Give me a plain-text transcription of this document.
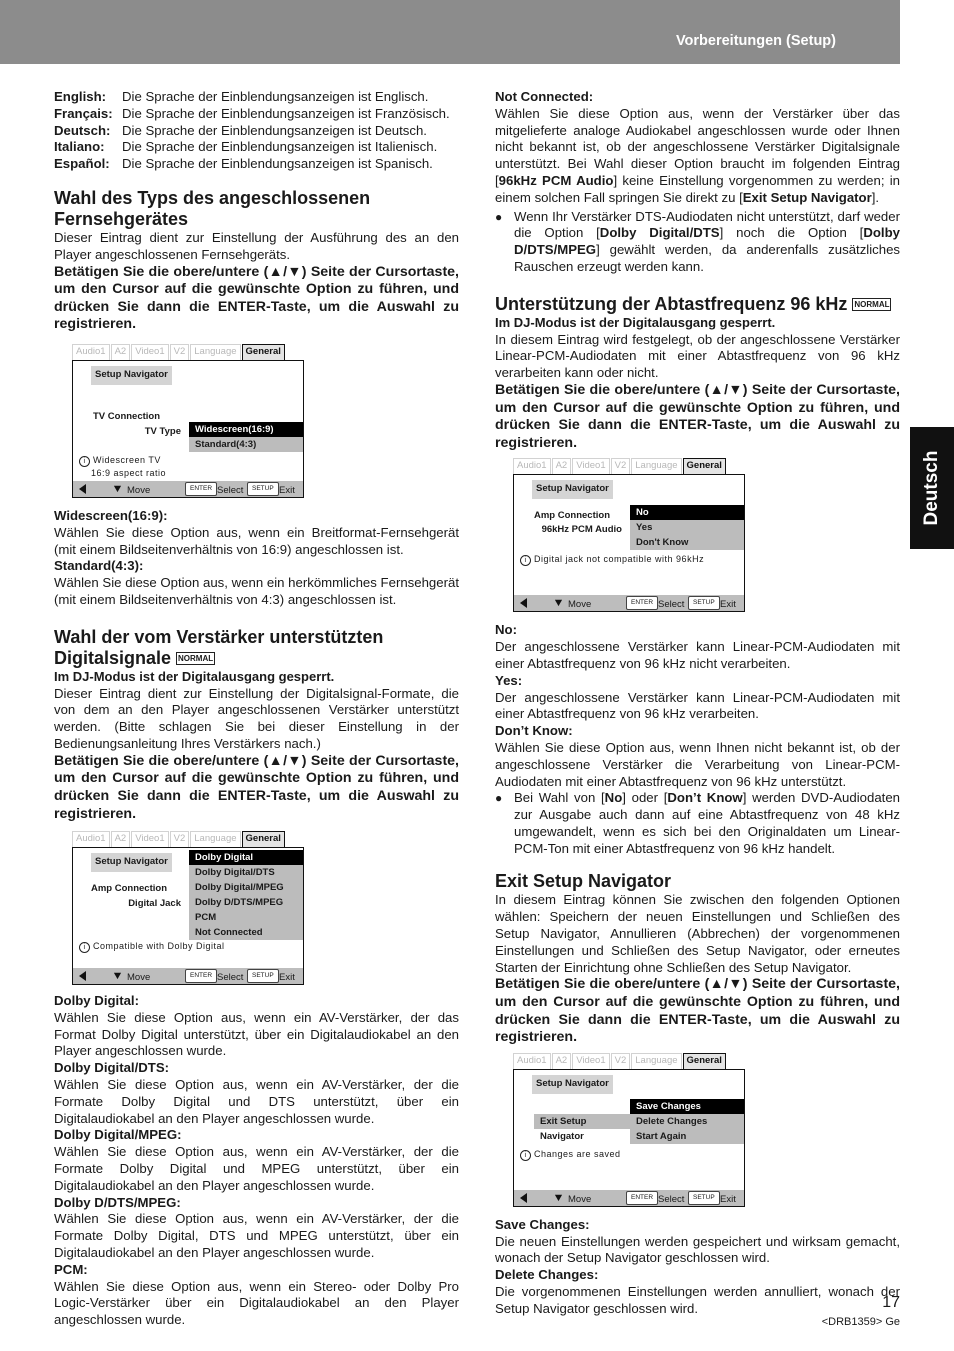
Vorbereitungen (Setup)
Deutsch
English:	Die Sprache der Einblendungsanzeigen ist Englisch.
Français: Die Sprache der Einblendungsanzeigen ist Französisch.
Deutsch: Die Sprache der Einblendungsanzeigen ist Deutsch.
Italiano:	Die Sprache der Einblendungsanzeigen ist Italienisch.
Español: Die Sprache der Einblendungsanzeigen ist Spanisch.
Wahl des Typs des angeschlossenen Fernsehgerätes

Dieser Eintrag dient zur Einstellung der Ausführung des an den Player angeschlossenen Fernsehgeräts.

Betätigen Sie die obere/untere (▲/▼) Seite der Cursortaste, um den Cursor auf die gewünschte Option zu führen, und drücken Sie dann die ENTER-Taste, um die Auswahl zu registrieren.

Audio1 A2 Video1 V2 Language General
Setup Navigator
TV Connection
TV Type	Widescreen(16:9)
Standard(4:3)
i Widescreen TV
16:9 aspect ratio
Move	ENTER Select	SETUP Exit

Widescreen(16:9):

Wählen Sie diese Option aus, wenn ein Breitformat-Fernsehgerät (mit einem Bildseitenverhältnis von 16:9) angeschlossen ist.

Standard(4:3):

Wählen Sie diese Option aus, wenn ein herkömmliches Fernsehgerät (mit einem Bildseitenverhältnis von 4:3) angeschlossen ist.

Wahl der vom Verstärker unterstützten Digitalsignale NORMAL

Im DJ-Modus ist der Digitalausgang gesperrt.

Dieser Eintrag dient zur Einstellung der Digitalsignal-Formate, die von dem an den Player angeschlossenen Verstärker unterstützt werden. (Bitte schlagen Sie bei dieser Einstellung in der Bedienungsanleitung Ihres Verstärkers nach.)

Betätigen Sie die obere/untere (▲/▼) Seite der Cursortaste, um den Cursor auf die gewünschte Option zu führen, und drücken Sie dann die ENTER-Taste, um die Auswahl zu registrieren.

Audio1 A2 Video1 V2 Language General
Setup Navigator
Amp Connection
Digital Jack
Dolby Digital
Dolby Digital/DTS
Dolby Digital/MPEG
Dolby D/DTS/MPEG
PCM
Not Connected
i Compatible with Dolby Digital
Move	ENTER Select	SETUP Exit

Dolby Digital:

Wählen Sie diese Option aus, wenn ein AV-Verstärker, der das Format Dolby Digital unterstützt, über ein Digitalaudiokabel an den Player angeschlossen wurde.

Dolby Digital/DTS:

Wählen Sie diese Option aus, wenn ein AV-Verstärker, der die Formate Dolby Digital und DTS unterstützt, über ein Digitalaudiokabel an den Player angeschlossen wurde.

Dolby Digital/MPEG:

Wählen Sie diese Option aus, wenn ein AV-Verstärker, der die Formate Dolby Digital und MPEG unterstützt, über ein Digitalaudiokabel an den Player angeschlossen wurde.

Dolby D/DTS/MPEG:

Wählen Sie diese Option aus, wenn ein AV-Verstärker, der die Formate Dolby Digital, DTS und MPEG unterstützt, über ein Digitalaudiokabel an den Player angeschlossen wurde.

PCM:

Wählen Sie diese Option aus, wenn ein Stereo- oder Dolby Pro Logic-Verstärker über ein Digitalaudiokabel an den Player angeschlossen wurde.

Not Connected:

Wählen Sie diese Option aus, wenn der Verstärker über das mitgelieferte analoge Audiokabel angeschlossen wurde oder Ihnen nicht bekannt ist, ob der angeschlossene Verstärker Digitalsignale unterstützt. Bei Wahl dieser Option braucht im folgenden Eintrag [96kHz PCM Audio] keine Einstellung vorgenommen zu werden; in einem solchen Fall springen Sie direkt zu [Exit Setup Navigator].

● Wenn Ihr Verstärker DTS-Audiodaten nicht unterstützt, darf weder die Option [Dolby Digital/DTS] noch die Option [Dolby D/DTS/MPEG] gewählt werden, da anderenfalls zusätzliches Rauschen erzeugt werden kann.

Unterstützung der Abtastfrequenz 96 kHz NORMAL

Im DJ-Modus ist der Digitalausgang gesperrt.

In diesem Eintrag wird festgelegt, ob der angeschlossene Verstärker Linear-PCM-Audiodaten mit einer Abtastfrequenz von 96 kHz verarbeiten kann oder nicht.

Betätigen Sie die obere/untere (▲/▼) Seite der Cursortaste, um den Cursor auf die gewünschte Option zu führen, und drücken Sie dann die ENTER-Taste, um die Auswahl zu registrieren.

Audio1 A2 Video1 V2 Language General
Setup Navigator
Amp Connection
96kHz PCM Audio
No
Yes
Don't Know
i Digital jack not compatible with 96kHz
Move	ENTER Select	SETUP Exit

No:

Der angeschlossene Verstärker kann Linear-PCM-Audiodaten mit einer Abtastfrequenz von 96 kHz nicht verarbeiten.

Yes:

Der angeschlossene Verstärker kann Linear-PCM-Audiodaten mit einer Abtastfrequenz von 96 kHz verarbeiten.

Don’t Know:

Wählen Sie diese Option aus, wenn Ihnen nicht bekannt ist, ob der angeschlossene Verstärker die Verarbeitung von Linear-PCM-Audiodaten mit einer Abtastfrequenz von 96 kHz unterstützt.

● Bei Wahl von [No] oder [Don’t Know] werden DVD-Audiodaten zur Ausgabe auch dann auf eine Abtastfrequenz von 48 kHz umgewandelt, wenn es sich bei den Originaldaten um Linear-PCM-Ton mit einer Abtastfrequenz von 96 kHz handelt.

Exit Setup Navigator

In diesem Eintrag können Sie zwischen den folgenden Optionen wählen: Speichern der neuen Einstellungen und Schließen des Setup Navigator, Annullieren (Abbrechen) der vorgenommenen Einstellungen und Schließen des Setup Navigator, oder erneutes Starten der Einrichtung ohne Schließen des Setup Navigator.

Betätigen Sie die obere/untere (▲/▼) Seite der Cursortaste, um den Cursor auf die gewünschte Option zu führen, und drücken Sie dann die ENTER-Taste, um die Auswahl zu registrieren.

Audio1 A2 Video1 V2 Language General
Setup Navigator
Save Changes
Delete Changes
Start Again
Exit Setup Navigator
i Changes are saved
Move	ENTER Select	SETUP Exit

Save Changes:

Die neuen Einstellungen werden gespeichert und wirksam gemacht, wonach der Setup Navigator geschlossen wird.

Delete Changes:

Die vorgenommenen Einstellungen werden annulliert, wonach der Setup Navigator geschlossen wird.	17
<DRB1359> Ge
